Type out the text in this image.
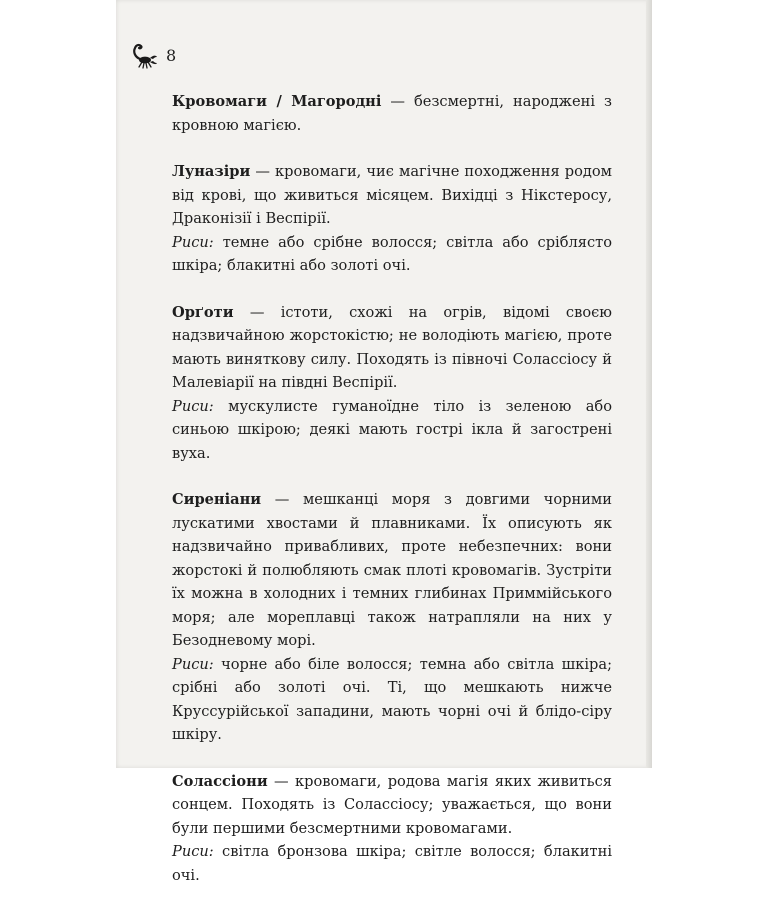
8

Кровомаги / Магородні — безсмертні, народжені з кровною магією.

Луназіри — кровомаги, чиє магічне походження родом від крові, що живиться місяцем. Вихідці з Нікстеросу, Драконізії і Веспірії.

Риси: темне або срібне волосся; світла або сріблясто шкіра; блакитні або золоті очі.

Орґоти — істоти, схожі на огрів, відомі своєю надзвичайною жорстокістю; не володіють магією, проте мають виняткову силу. Походять із півночі Солассіосу й Малевіарії на півдні Веспірії.

Риси: мускулисте гуманоїдне тіло із зеленою або синьою шкірою; деякі мають гострі ікла й загострені вуха.

Сиреніани — мешканці моря з довгими чорними лускатими хвостами й плавниками. Їх описують як надзвичайно привабливих, проте небезпечних: вони жорстокі й полюбляють смак плоті кровомагів. Зустріти їх можна в холодних і темних глибинах Приммійського моря; але мореплавці також натрапляли на них у Безодневому морі.

Риси: чорне або біле волосся; темна або світла шкіра; срібні або золоті очі. Ті, що мешкають нижче Круссурійської западини, мають чорні очі й блідо-сіру шкіру.

Солассіони — кровомаги, родова магія яких живиться сонцем. Походять із Солассіосу; уважається, що вони були першими безсмертними кровомагами.

Риси: світла бронзова шкіра; світле волосся; блакитні очі.
